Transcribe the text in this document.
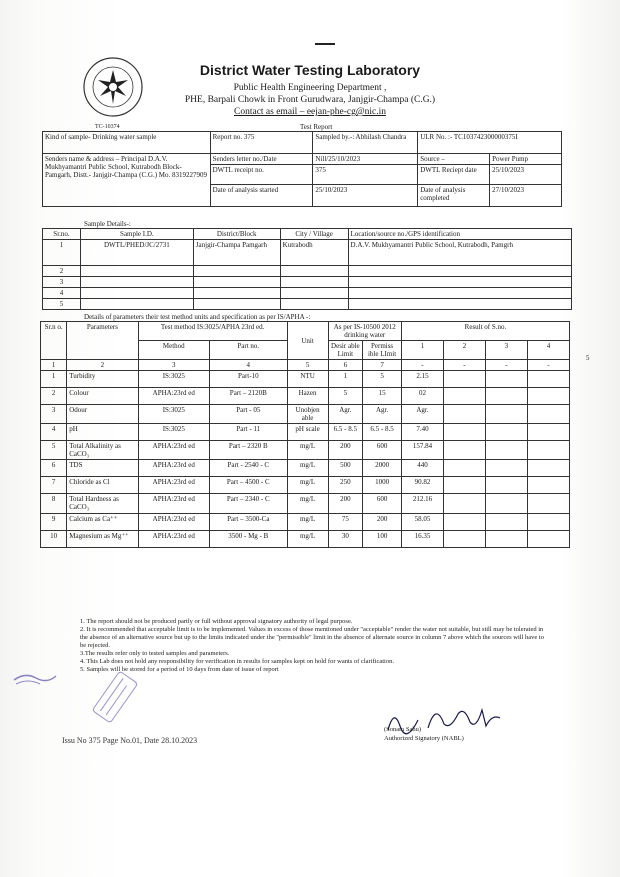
TC-10374
District Water Testing Laboratory
Public Health Engineering Department ,
PHE, Barpali Chowk in Front Gurudwara, Janjgir-Champa (C.G.)
Contact as email – eejan-phe-cg@nic.in
Test Report
Kind of sample- Drinking water sample	Report no. 375	Sampled by.-: Abhilash Chandra	ULR No. :- TC103742300000375I	
Senders name & address – Principal D.A.V. Mukhyamantri Public School, Kutrabodh Block- Pamgarh, Distt.- Janjgir-Champa (C.G.) Mo. 8319227909	Senders letter no./Date	Nill/25/10/2023	Source –	Power Pump
	DWTL receipt no.	375	DWTL Reciept date	25/10/2023
	Date of analysis started	25/10/2023	Date of analysis completed	27/10/2023
Sample Details-:
Sr.no.	Sample I.D.	District/Block	City / Village	Location/source no./GPS identification
1	DWTL/PHED/JC/2731	Janjgir-Champa Pamgarh	Kutrabodh	D.A.V. Mukhyamantri Public School, Kutrabodh, Pamgrh
2				
3				
4				
5				
Details of parameters their test method units and specification as per IS/APHA -:
Sr.n o.	Parameters	Test method IS:3025/APHA 23rd ed.		Unit	As per IS-10500 2012 drinking water		Result of S.no.			
		Method	Part no.		Desir able Limit	Permiss ible LImit	1	2	3	4
1	2	3	4	5	6	7	-	-	-	-
1	Turbidity	IS:3025	Part-10	NTU	1	5	2.15			
2	Colour	APHA:23rd ed	Part – 2120B	Hazen	5	15	02			
3	Odour	IS:3025	Part - 05	Unobjen able	Agr.	Agr.	Agr.			
4	pH	IS:3025	Part - 11	pH scale	6.5 - 8.5	6.5 - 8.5	7.40			
5	Total Alkalinity as CaCO₃	APHA:23rd ed	Part – 2320 B	mg/L	200	600	157.84			
6	TDS	APHA:23rd ed	Part - 2540 - C	mg/L	500	2000	440			
7	Chloride as Cl	APHA:23rd ed	Part – 4500 - C	mg/L	250	1000	90.82			
8	Total Hardness as CaCO₃	APHA:23rd ed	Part – 2340 - C	mg/L	200	600	212.16			
9	Calcium as Ca⁺⁺	APHA:23rd ed	Part – 3500-Ca	mg/L	75	200	58.05			
10	Magnesium as Mg⁺⁺	APHA:23rd ed	3500 - Mg - B	mg/L	30	100	16.35			
5
1. The report should not be produced partly or full without approval signatory authority of legal purpose.
2. It is recommended that acceptable limit is to be implemented. Values in excess of those mentioned under "acceptable" render the water not suitable, but still may be tolerated in the absence of an alternative source but up to the limits indicated under the "permissible" limit in the absence of alternate source in column 7 above which the sources will have to be rejected.
3.The results refer only to tested samples and parameters.
4. This Lab does not hold any responsibility for verification in results for samples kept on hold for wants of clarification.
5. Samples will be stored for a period of 10 days from date of issue of report
(Sonam Sahu)
Authorized Signatory (NABL)
Issu No 375 Page No.01, Date 28.10.2023
